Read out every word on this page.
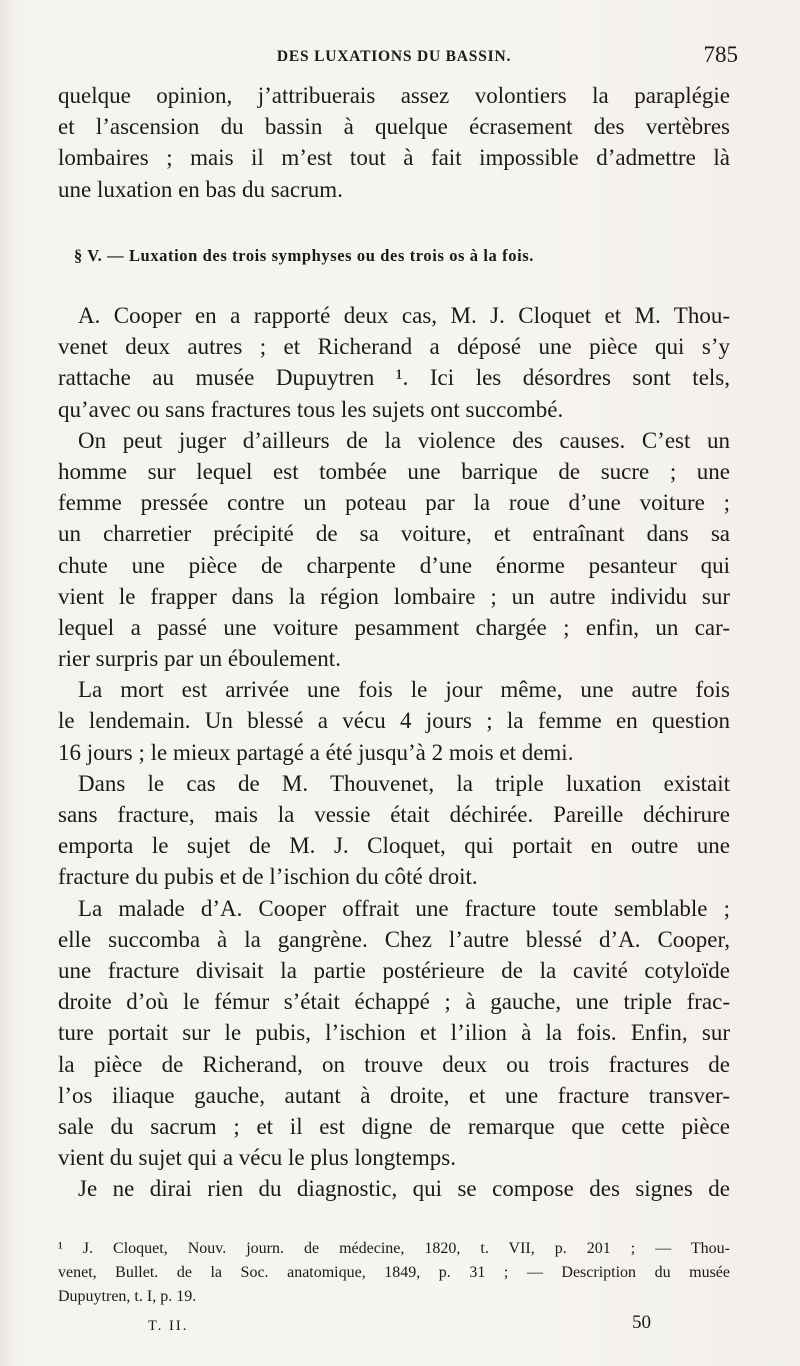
DES LUXATIONS DU BASSIN.	785
quelque opinion, j’attribuerais assez volontiers la paraplégie
et l’ascension du bassin à quelque écrasement des vertèbres
lombaires ; mais il m’est tout à fait impossible d’admettre là
une luxation en bas du sacrum.
§ V. — Luxation des trois symphyses ou des trois os à la fois.
A. Cooper en a rapporté deux cas, M. J. Cloquet et M. Thou-
venet deux autres ; et Richerand a déposé une pièce qui s’y
rattache au musée Dupuytren ¹. Ici les désordres sont tels,
qu’avec ou sans fractures tous les sujets ont succombé.
On peut juger d’ailleurs de la violence des causes. C’est un
homme sur lequel est tombée une barrique de sucre ; une
femme pressée contre un poteau par la roue d’une voiture ;
un charretier précipité de sa voiture, et entraînant dans sa
chute une pièce de charpente d’une énorme pesanteur qui
vient le frapper dans la région lombaire ; un autre individu sur
lequel a passé une voiture pesamment chargée ; enfin, un car-
rier surpris par un éboulement.
La mort est arrivée une fois le jour même, une autre fois
le lendemain. Un blessé a vécu 4 jours ; la femme en question
16 jours ; le mieux partagé a été jusqu’à 2 mois et demi.
Dans le cas de M. Thouvenet, la triple luxation existait
sans fracture, mais la vessie était déchirée. Pareille déchirure
emporta le sujet de M. J. Cloquet, qui portait en outre une
fracture du pubis et de l’ischion du côté droit.
La malade d’A. Cooper offrait une fracture toute semblable ;
elle succomba à la gangrène. Chez l’autre blessé d’A. Cooper,
une fracture divisait la partie postérieure de la cavité cotyloïde
droite d’où le fémur s’était échappé ; à gauche, une triple frac-
ture portait sur le pubis, l’ischion et l’ilion à la fois. Enfin, sur
la pièce de Richerand, on trouve deux ou trois fractures de
l’os iliaque gauche, autant à droite, et une fracture transver-
sale du sacrum ; et il est digne de remarque que cette pièce
vient du sujet qui a vécu le plus longtemps.
Je ne dirai rien du diagnostic, qui se compose des signes de
¹ J. Cloquet, Nouv. journ. de médecine, 1820, t. VII, p. 201 ; — Thou-
venet, Bullet. de la Soc. anatomique, 1849, p. 31 ; — Description du musée
Dupuytren, t. I, p. 19.
T. II.	50
